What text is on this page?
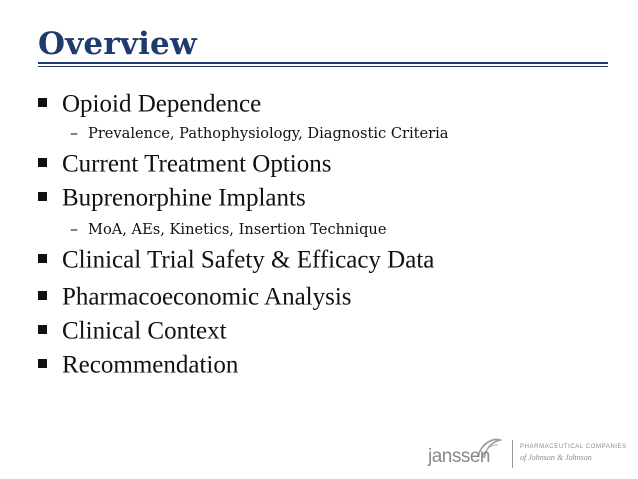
Overview
Opioid Dependence
– Prevalence, Pathophysiology, Diagnostic Criteria
Current Treatment Options
Buprenorphine Implants
– MoA, AEs, Kinetics, Insertion Technique
Clinical Trial Safety & Efficacy Data
Pharmacoeconomic Analysis
Clinical Context
Recommendation
janssen	PHARMACEUTICAL COMPANIES
of Johnson & Johnson
